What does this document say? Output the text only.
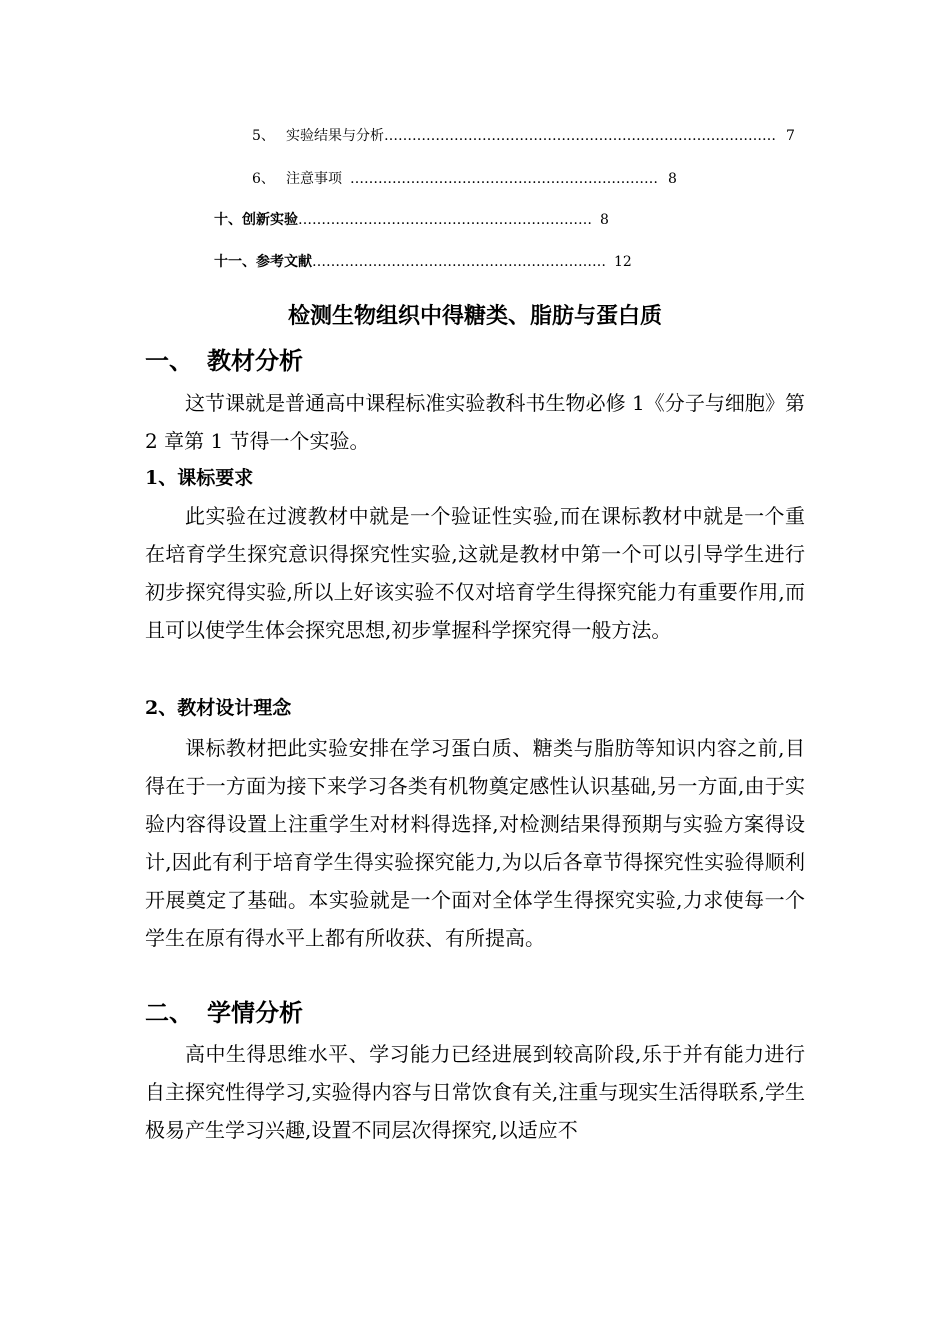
5、 实验结果与分析………………………………………………………………………… 7
6、 注意事项 ………………………………………………………… 8
十、创新实验……………………………………………………… 8
十一、参考文献……………………………………………………… 12
检测生物组织中得糖类、脂肪与蛋白质
一、 教材分析
这节课就是普通高中课程标准实验教科书生物必修 1《分子与细胞》第 2 章第 1 节得一个实验。
1、课标要求
此实验在过渡教材中就是一个验证性实验,而在课标教材中就是一个重在培育学生探究意识得探究性实验,这就是教材中第一个可以引导学生进行初步探究得实验,所以上好该实验不仅对培育学生得探究能力有重要作用,而且可以使学生体会探究思想,初步掌握科学探究得一般方法。
2、教材设计理念
课标教材把此实验安排在学习蛋白质、糖类与脂肪等知识内容之前,目得在于一方面为接下来学习各类有机物奠定感性认识基础,另一方面,由于实验内容得设置上注重学生对材料得选择,对检测结果得预期与实验方案得设计,因此有利于培育学生得实验探究能力,为以后各章节得探究性实验得顺利开展奠定了基础。本实验就是一个面对全体学生得探究实验,力求使每一个学生在原有得水平上都有所收获、有所提高。
二、 学情分析
高中生得思维水平、学习能力已经进展到较高阶段,乐于并有能力进行自主探究性得学习,实验得内容与日常饮食有关,注重与现实生活得联系,学生极易产生学习兴趣,设置不同层次得探究,以适应不
